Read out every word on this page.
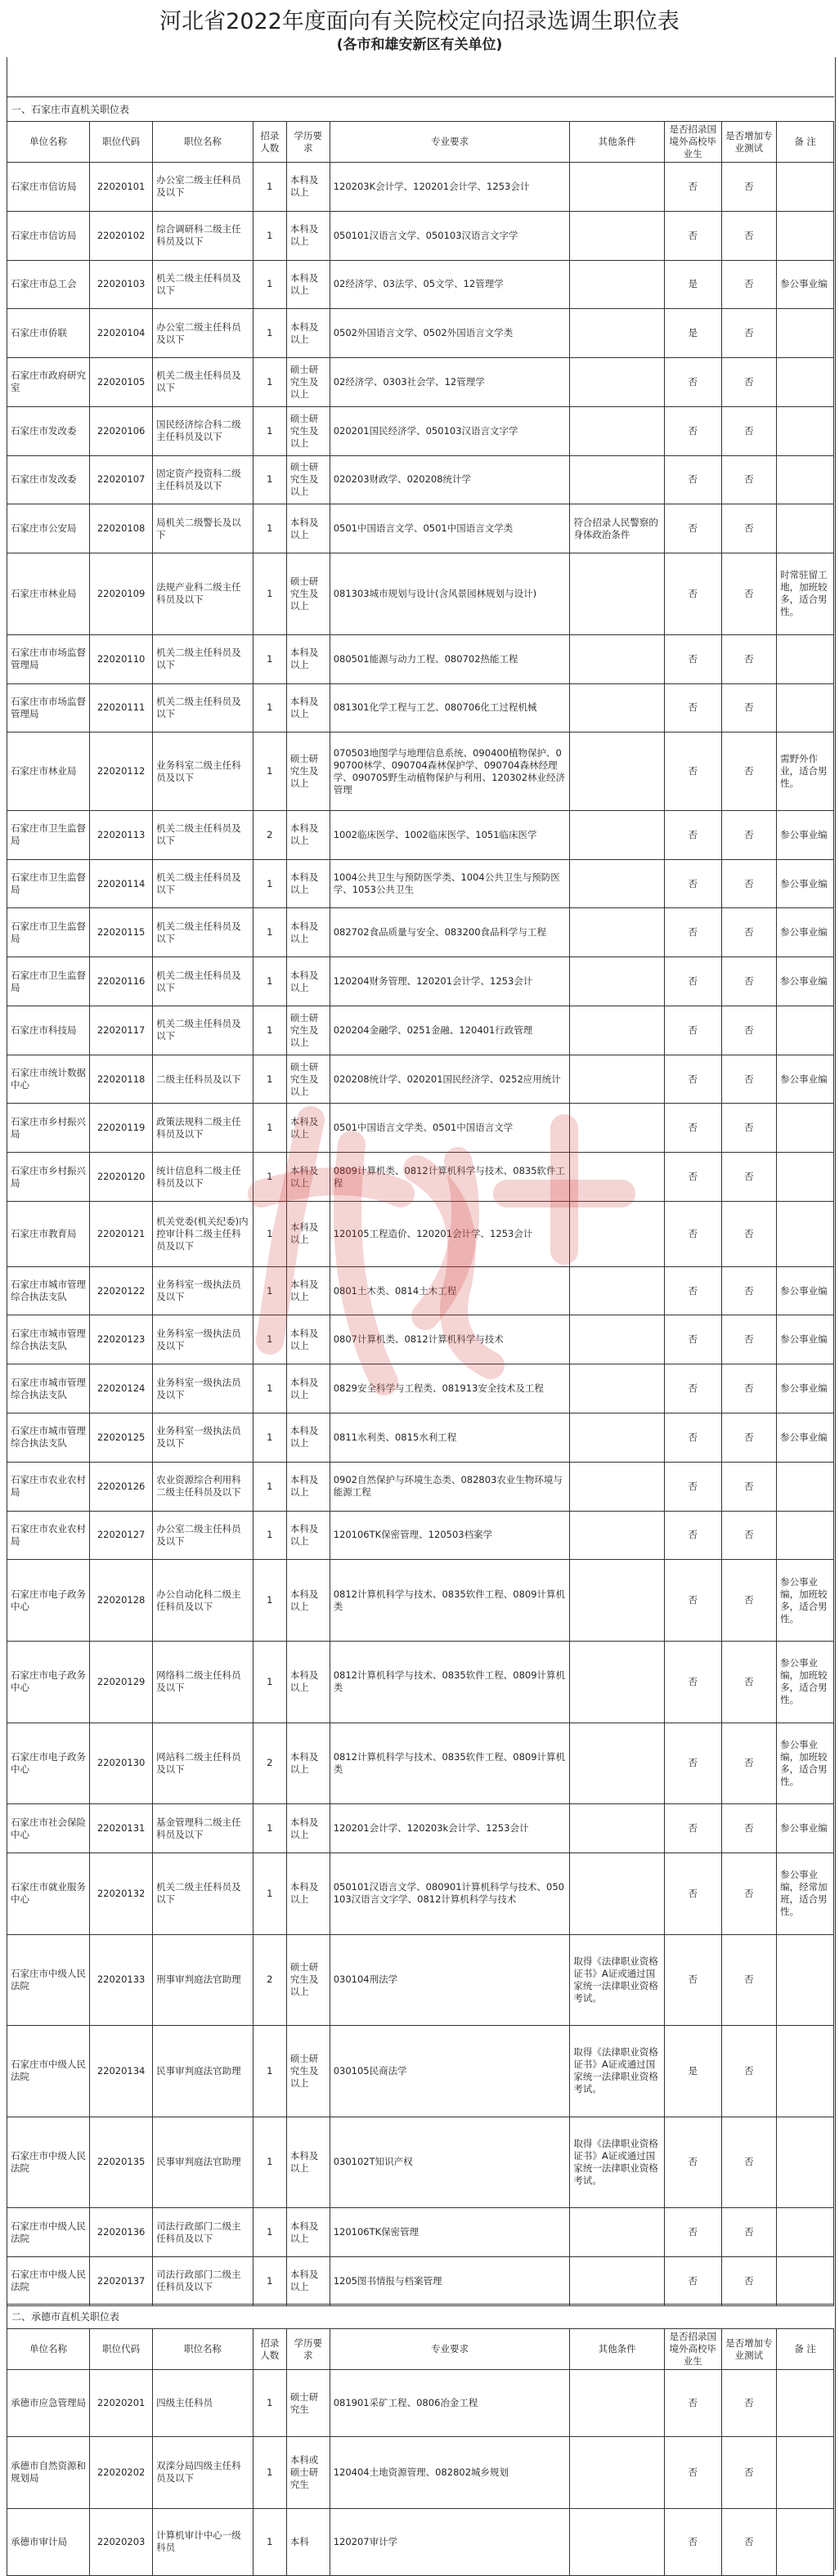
河北省2022年度面向有关院校定向招录选调生职位表
(各市和雄安新区有关单位)
一、石家庄市直机关职位表
单位名称	职位代码	职位名称	招录人数	学历要求	专业要求	其他条件	是否招录国境外高校毕业生	是否增加专业测试	备 注
石家庄市信访局	22020101	办公室二级主任科员及以下	1	本科及以上	120203K会计学、120201会计学、1253会计		否	否	
石家庄市信访局	22020102	综合调研科二级主任科员及以下	1	本科及以上	050101汉语言文学、050103汉语言文字学		否	否	
石家庄市总工会	22020103	机关二级主任科员及以下	1	本科及以上	02经济学、03法学、05文学、12管理学		是	否	参公事业编
石家庄市侨联	22020104	办公室二级主任科员及以下	1	本科及以上	0502外国语言文学、0502外国语言文学类		是	否	
石家庄市政府研究室	22020105	机关二级主任科员及以下	1	硕士研究生及以上	02经济学、0303社会学、12管理学		否	否	
石家庄市发改委	22020106	国民经济综合科二级主任科员及以下	1	硕士研究生及以上	020201国民经济学、050103汉语言文字学		否	否	
石家庄市发改委	22020107	固定资产投资科二级主任科员及以下	1	硕士研究生及以上	020203财政学、020208统计学		否	否	
石家庄市公安局	22020108	局机关二级警长及以下	1	本科及以上	0501中国语言文学、0501中国语言文学类	符合招录人民警察的身体政治条件	否	否	
石家庄市林业局	22020109	法规产业科二级主任科员及以下	1	硕士研究生及以上	081303城市规划与设计(含风景园林规划与设计)		否	否	时常驻留工地，加班较多，适合男性。
石家庄市市场监督管理局	22020110	机关二级主任科员及以下	1	本科及以上	080501能源与动力工程、080702热能工程		否	否	
石家庄市市场监督管理局	22020111	机关二级主任科员及以下	1	本科及以上	081301化学工程与工艺、080706化工过程机械		否	否	
石家庄市林业局	22020112	业务科室二级主任科员及以下	1	硕士研究生及以上	070503地图学与地理信息系统、090400植物保护、090700林学、090704森林保护学、090704森林经理学、090705野生动植物保护与利用、120302林业经济管理		否	否	需野外作业，适合男性。
石家庄市卫生监督局	22020113	机关二级主任科员及以下	2	本科及以上	1002临床医学、1002临床医学、1051临床医学		否	否	参公事业编
石家庄市卫生监督局	22020114	机关二级主任科员及以下	1	本科及以上	1004公共卫生与预防医学类、1004公共卫生与预防医学、1053公共卫生		否	否	参公事业编
石家庄市卫生监督局	22020115	机关二级主任科员及以下	1	本科及以上	082702食品质量与安全、083200食品科学与工程		否	否	参公事业编
石家庄市卫生监督局	22020116	机关二级主任科员及以下	1	本科及以上	120204财务管理、120201会计学、1253会计		否	否	参公事业编
石家庄市科技局	22020117	机关二级主任科员及以下	1	硕士研究生及以上	020204金融学、0251金融、120401行政管理		否	否	
石家庄市统计数据中心	22020118	二级主任科员及以下	1	硕士研究生及以上	020208统计学、020201国民经济学、0252应用统计		否	否	参公事业编
石家庄市乡村振兴局	22020119	政策法规科二级主任科员及以下	1	本科及以上	0501中国语言文学类、0501中国语言文学		否	否	
石家庄市乡村振兴局	22020120	统计信息科二级主任科员及以下	1	本科及以上	0809计算机类、0812计算机科学与技术、0835软件工程		否	否	
石家庄市教育局	22020121	机关党委(机关纪委)内控审计科二级主任科员及以下	1	本科及以上	120105工程造价、120201会计学、1253会计		否	否	
石家庄市城市管理综合执法支队	22020122	业务科室一级执法员及以下	1	本科及以上	0801土木类、0814土木工程		否	否	参公事业编
石家庄市城市管理综合执法支队	22020123	业务科室一级执法员及以下	1	本科及以上	0807计算机类、0812计算机科学与技术		否	否	参公事业编
石家庄市城市管理综合执法支队	22020124	业务科室一级执法员及以下	1	本科及以上	0829安全科学与工程类、081913安全技术及工程		否	否	参公事业编
石家庄市城市管理综合执法支队	22020125	业务科室一级执法员及以下	1	本科及以上	0811水利类、0815水利工程		否	否	参公事业编
石家庄市农业农村局	22020126	农业资源综合利用科二级主任科员及以下	1	本科及以上	0902自然保护与环境生态类、082803农业生物环境与能源工程		否	否	
石家庄市农业农村局	22020127	办公室二级主任科员及以下	1	本科及以上	120106TK保密管理、120503档案学		否	否	
石家庄市电子政务中心	22020128	办公自动化科二级主任科员及以下	1	本科及以上	0812计算机科学与技术、0835软件工程、0809计算机类		否	否	参公事业编，加班较多，适合男性。
石家庄市电子政务中心	22020129	网络科二级主任科员及以下	1	本科及以上	0812计算机科学与技术、0835软件工程、0809计算机类		否	否	参公事业编，加班较多，适合男性。
石家庄市电子政务中心	22020130	网站科二级主任科员及以下	2	本科及以上	0812计算机科学与技术、0835软件工程、0809计算机类		否	否	参公事业编，加班较多，适合男性。
石家庄市社会保险中心	22020131	基金管理科二级主任科员及以下	1	本科及以上	120201会计学、120203k会计学、1253会计		否	否	参公事业编
石家庄市就业服务中心	22020132	机关二级主任科员及以下	1	本科及以上	050101汉语言文学、080901计算机科学与技术、050103汉语言文字学、0812计算机科学与技术		否	否	参公事业编，经常加班，适合男性。
石家庄市中级人民法院	22020133	刑事审判庭法官助理	2	硕士研究生及以上	030104刑法学	取得《法律职业资格证书》A证或通过国家统一法律职业资格考试。	否	否	
石家庄市中级人民法院	22020134	民事审判庭法官助理	1	硕士研究生及以上	030105民商法学	取得《法律职业资格证书》A证或通过国家统一法律职业资格考试。	是	否	
石家庄市中级人民法院	22020135	民事审判庭法官助理	1	本科及以上	030102T知识产权	取得《法律职业资格证书》A证或通过国家统一法律职业资格考试。	否	否	
石家庄市中级人民法院	22020136	司法行政部门二级主任科员及以下	1	本科及以上	120106TK保密管理		否	否	
石家庄市中级人民法院	22020137	司法行政部门二级主任科员及以下	1	本科及以上	1205图书情报与档案管理		否	否	
二、承德市直机关职位表
单位名称	职位代码	职位名称	招录人数	学历要求	专业要求	其他条件	是否招录国境外高校毕业生	是否增加专业测试	备 注
承德市应急管理局	22020201	四级主任科员	1	硕士研究生	081901采矿工程、0806冶金工程		否	否	
承德市自然资源和规划局	22020202	双滦分局四级主任科员及以下	1	本科或硕士研究生	120404土地资源管理、082802城乡规划		否	否	
承德市审计局	22020203	计算机审计中心一级科员	1	本科	120207审计学		否	否	
